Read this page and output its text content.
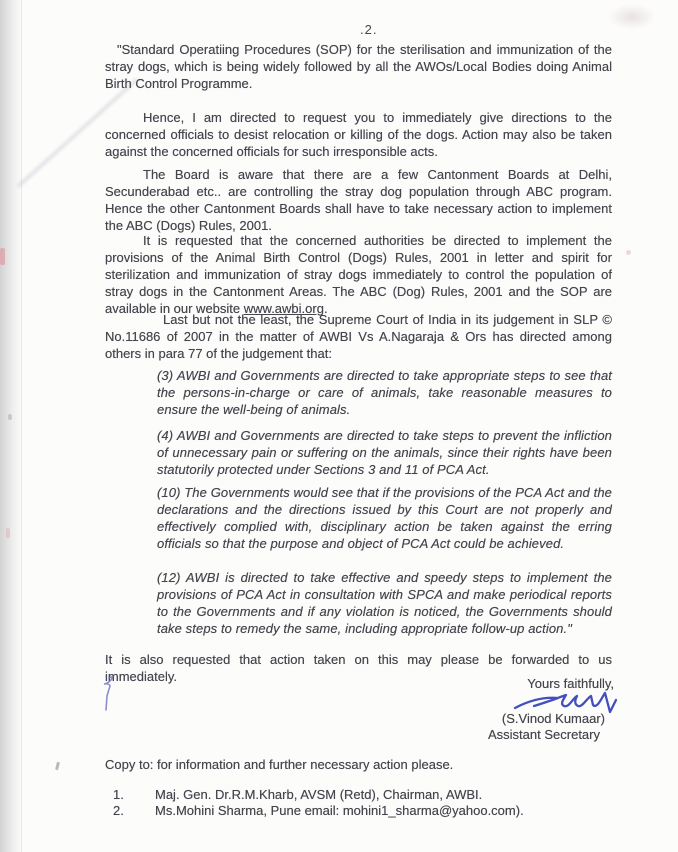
.2.

"Standard Operatiing Procedures (SOP) for the sterilisation and immunization of the stray dogs, which is being widely followed by all the AWOs/Local Bodies doing Animal Birth Control Programme.

Hence, I am directed to request you to immediately give directions to the concerned officials to desist relocation or killing of the dogs. Action may also be taken against the concerned officials for such irresponsible acts.

The Board is aware that there are a few Cantonment Boards at Delhi, Secunderabad etc.. are controlling the stray dog population through ABC program. Hence the other Cantonment Boards shall have to take necessary action to implement the ABC (Dogs) Rules, 2001.

It is requested that the concerned authorities be directed to implement the provisions of the Animal Birth Control (Dogs) Rules, 2001 in letter and spirit for sterilization and immunization of stray dogs immediately to control the population of stray dogs in the Cantonment Areas. The ABC (Dog) Rules, 2001 and the SOP are available in our website www.awbi.org.

Last but not the least, the Supreme Court of India in its judgement in SLP © No.11686 of 2007 in the matter of AWBI Vs A.Nagaraja & Ors has directed among others in para 77 of the judgement that:

(3) AWBI and Governments are directed to take appropriate steps to see that the persons-in-charge or care of animals, take reasonable measures to ensure the well-being of animals.

(4) AWBI and Governments are directed to take steps to prevent the infliction of unnecessary pain or suffering on the animals, since their rights have been statutorily protected under Sections 3 and 11 of PCA Act.

(10) The Governments would see that if the provisions of the PCA Act and the declarations and the directions issued by this Court are not properly and effectively complied with, disciplinary action be taken against the erring officials so that the purpose and object of PCA Act could be achieved.

(12) AWBI is directed to take effective and speedy steps to implement the provisions of PCA Act in consultation with SPCA and make periodical reports to the Governments and if any violation is noticed, the Governments should take steps to remedy the same, including appropriate follow-up action."

It is also requested that action taken on this may please be forwarded to us immediately.	Yours faithfully,
(S.Vinod Kumaar)
Assistant Secretary
Copy to: for information and further necessary action please.
1.	Maj. Gen. Dr.R.M.Kharb, AVSM (Retd), Chairman, AWBI.
2.	Ms.Mohini Sharma, Pune email: mohini1_sharma@yahoo.com).
